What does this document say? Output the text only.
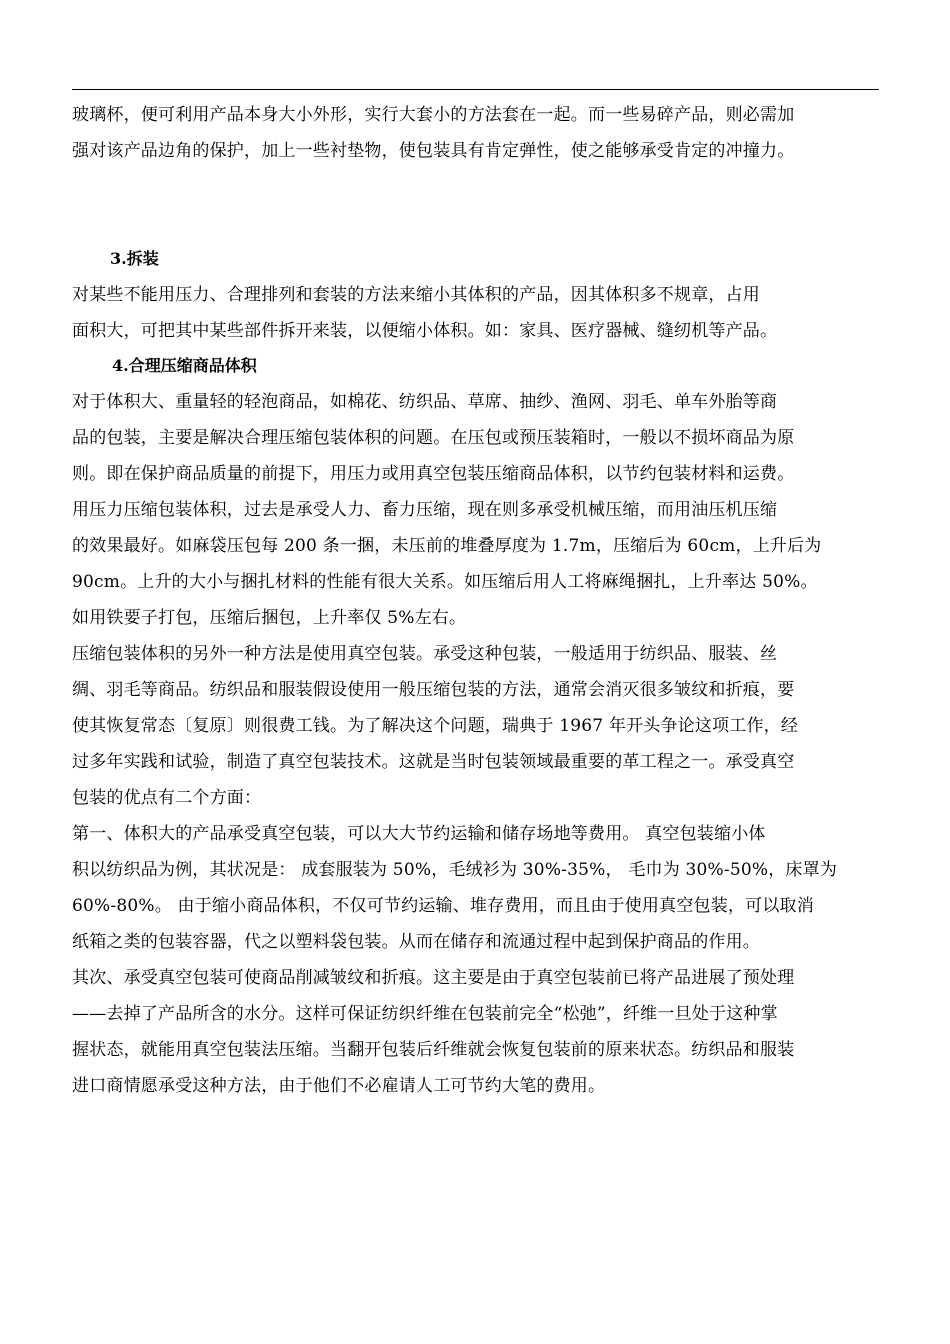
玻璃杯，便可利用产品本身大小外形，实行大套小的方法套在一起。而一些易碎产品，则必需加
强对该产品边角的保护，加上一些衬垫物，使包装具有肯定弹性，使之能够承受肯定的冲撞力。
3.拆装
对某些不能用压力、合理排列和套装的方法来缩小其体积的产品，因其体积多不规章，占用
面积大，可把其中某些部件拆开来装，以便缩小体积。如：家具、医疗器械、缝纫机等产品。
4.合理压缩商品体积
对于体积大、重量轻的轻泡商品，如棉花、纺织品、草席、抽纱、渔网、羽毛、单车外胎等商
品的包装，主要是解决合理压缩包装体积的问题。在压包或预压装箱时，一般以不损坏商品为原
则。即在保护商品质量的前提下，用压力或用真空包装压缩商品体积，以节约包装材料和运费。
用压力压缩包装体积，过去是承受人力、畜力压缩，现在则多承受机械压缩，而用油压机压缩
的效果最好。如麻袋压包每 200 条一捆，未压前的堆叠厚度为 1.7m，压缩后为 60cm，上升后为
90cm。上升的大小与捆扎材料的性能有很大关系。如压缩后用人工将麻绳捆扎，上升率达 50%。
如用铁要子打包，压缩后捆包，上升率仅 5%左右。
压缩包装体积的另外一种方法是使用真空包装。承受这种包装，一般适用于纺织品、服装、丝
绸、羽毛等商品。纺织品和服装假设使用一般压缩包装的方法，通常会消灭很多皱纹和折痕，要
使其恢复常态〔复原〕则很费工钱。为了解决这个问题，瑞典于 1967 年开头争论这项工作，经
过多年实践和试验，制造了真空包装技术。这就是当时包装领域最重要的革工程之一。承受真空
包装的优点有二个方面：
第一、体积大的产品承受真空包装，可以大大节约运输和储存场地等费用。 真空包装缩小体
积以纺织品为例，其状况是： 成套服装为 50%，毛绒衫为 30%-35%， 毛巾为 30%-50%，床罩为
60%-80%。 由于缩小商品体积，不仅可节约运输、堆存费用，而且由于使用真空包装，可以取消
纸箱之类的包装容器，代之以塑料袋包装。从而在储存和流通过程中起到保护商品的作用。
其次、承受真空包装可使商品削减皱纹和折痕。这主要是由于真空包装前已将产品进展了预处理
——去掉了产品所含的水分。这样可保证纺织纤维在包装前完全“松弛”，纤维一旦处于这种掌
握状态，就能用真空包装法压缩。当翻开包装后纤维就会恢复包装前的原来状态。纺织品和服装
进口商情愿承受这种方法，由于他们不必雇请人工可节约大笔的费用。
